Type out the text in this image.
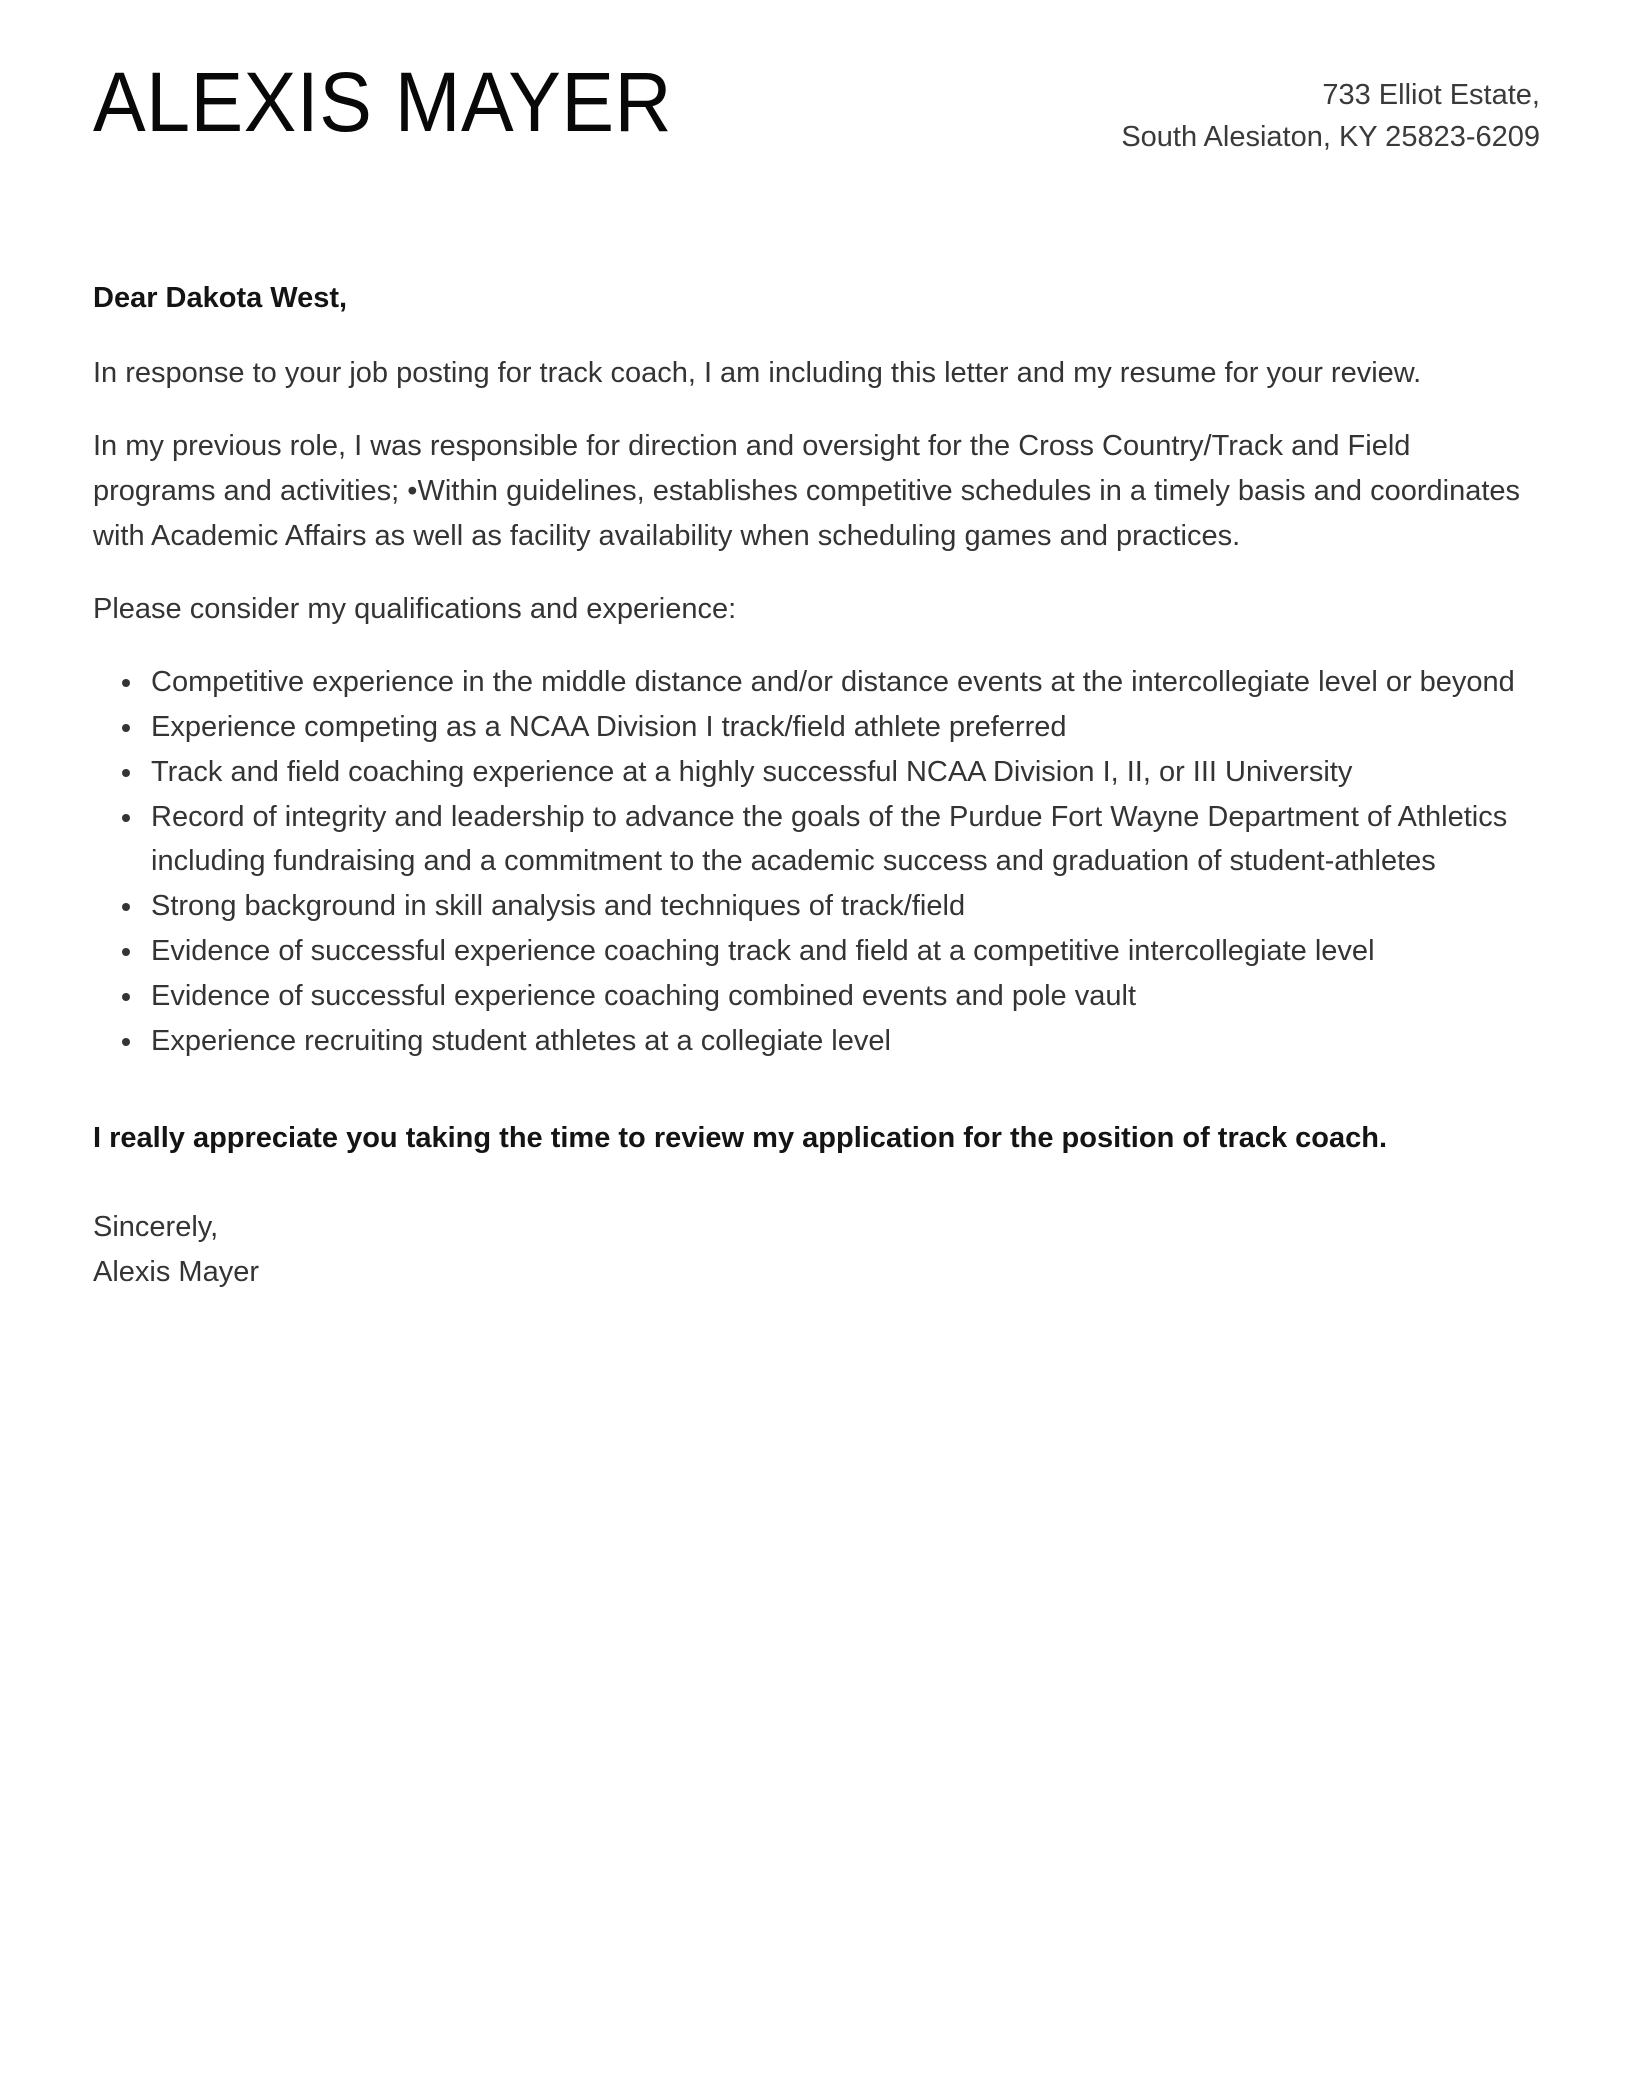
ALEXIS MAYER	733 Elliot Estate,
South Alesiaton, KY 25823-6209

Dear Dakota West,

In response to your job posting for track coach, I am including this letter and my resume for your review.

In my previous role, I was responsible for direction and oversight for the Cross Country/Track and Field programs and activities; •Within guidelines, establishes competitive schedules in a timely basis and coordinates with Academic Affairs as well as facility availability when scheduling games and practices.

Please consider my qualifications and experience:

• Competitive experience in the middle distance and/or distance events at the intercollegiate level or beyond
• Experience competing as a NCAA Division I track/field athlete preferred
• Track and field coaching experience at a highly successful NCAA Division I, II, or III University
• Record of integrity and leadership to advance the goals of the Purdue Fort Wayne Department of Athletics including fundraising and a commitment to the academic success and graduation of student-athletes
• Strong background in skill analysis and techniques of track/field
• Evidence of successful experience coaching track and field at a competitive intercollegiate level
• Evidence of successful experience coaching combined events and pole vault
• Experience recruiting student athletes at a collegiate level

I really appreciate you taking the time to review my application for the position of track coach.

Sincerely,
Alexis Mayer
